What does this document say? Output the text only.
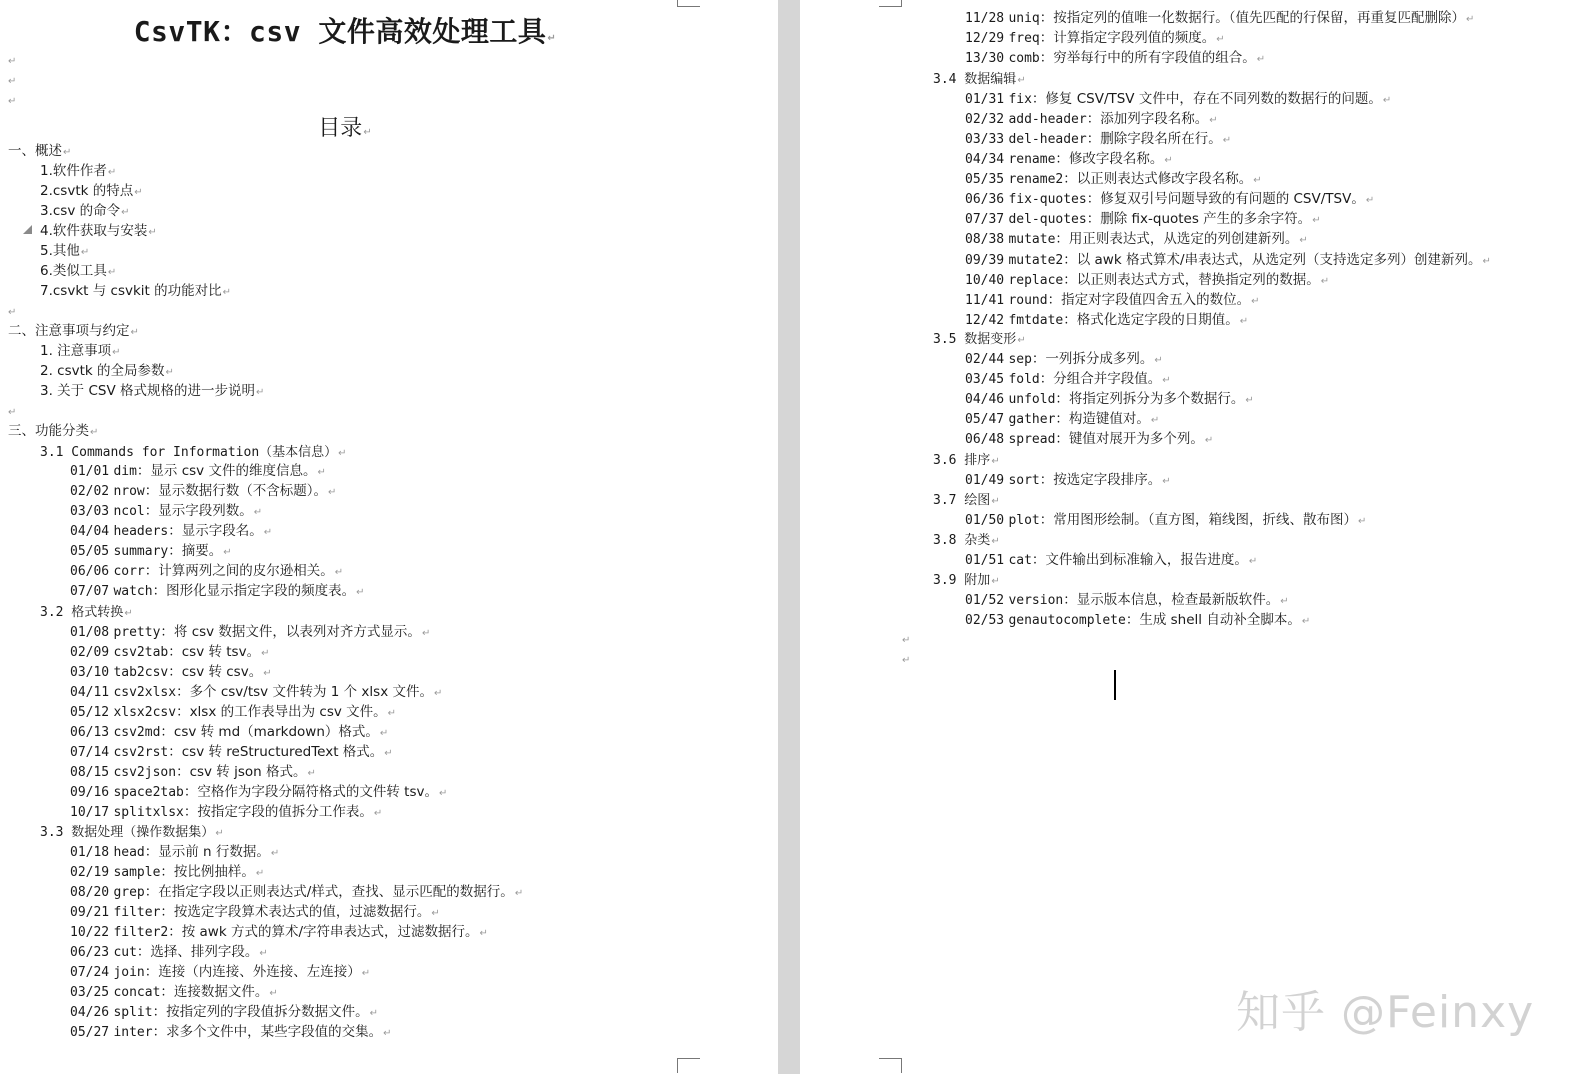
CsvTK：csv 文件高效处理工具↵
↵
↵
↵
目录↵
↵
↵
↵
↵
一、概述↵
1.软件作者↵
2.csvtk 的特点↵
3.csv 的命令↵
4.软件获取与安装↵
5.其他↵
6.类似工具↵
7.csvkt 与 csvkit 的功能对比↵
二、注意事项与约定↵
1. 注意事项↵
2. csvtk 的全局参数↵
3. 关于 CSV 格式规格的进一步说明↵
三、功能分类↵
3.1 Commands for Information（基本信息）↵
01/01 dim：显示 csv 文件的维度信息。↵
02/02 nrow：显示数据行数（不含标题）。↵
03/03 ncol：显示字段列数。↵
04/04 headers：显示字段名。↵
05/05 summary：摘要。↵
06/06 corr：计算两列之间的皮尔逊相关。↵
07/07 watch：图形化显示指定字段的频度表。↵
3.2 格式转换↵
01/08 pretty：将 csv 数据文件，以表列对齐方式显示。↵
02/09 csv2tab：csv 转 tsv。↵
03/10 tab2csv：csv 转 csv。↵
04/11 csv2xlsx：多个 csv/tsv 文件转为 1 个 xlsx 文件。↵
05/12 xlsx2csv：xlsx 的工作表导出为 csv 文件。↵
06/13 csv2md：csv 转 md（markdown）格式。↵
07/14 csv2rst：csv 转 reStructuredText 格式。↵
08/15 csv2json：csv 转 json 格式。↵
09/16 space2tab：空格作为字段分隔符格式的文件转 tsv。↵
10/17 splitxlsx：按指定字段的值拆分工作表。↵
3.3 数据处理（操作数据集）↵
01/18 head：显示前 n 行数据。↵
02/19 sample：按比例抽样。↵
08/20 grep：在指定字段以正则表达式/样式，查找、显示匹配的数据行。↵
09/21 filter：按选定字段算术表达式的值，过滤数据行。↵
10/22 filter2：按 awk 方式的算术/字符串表达式，过滤数据行。↵
06/23 cut：选择、排列字段。↵
07/24 join：连接（内连接、外连接、左连接）↵
03/25 concat：连接数据文件。↵
04/26 split：按指定列的字段值拆分数据文件。↵
05/27 inter：求多个文件中，某些字段值的交集。↵
11/28 uniq：按指定列的值唯一化数据行。（值先匹配的行保留，再重复匹配删除）↵
12/29 freq：计算指定字段列值的频度。↵
13/30 comb：穷举每行中的所有字段值的组合。↵
3.4 数据编辑↵
01/31 fix：修复 CSV/TSV 文件中，存在不同列数的数据行的问题。↵
02/32 add-header：添加列字段名称。↵
03/33 del-header：删除字段名所在行。↵
04/34 rename：修改字段名称。↵
05/35 rename2：以正则表达式修改字段名称。↵
06/36 fix-quotes：修复双引号问题导致的有问题的 CSV/TSV。↵
07/37 del-quotes：删除 fix-quotes 产生的多余字符。↵
08/38 mutate：用正则表达式，从选定的列创建新列。↵
09/39 mutate2：以 awk 格式算术/串表达式，从选定列（支持选定多列）创建新列。↵
10/40 replace：以正则表达式方式，替换指定列的数据。↵
11/41 round：指定对字段值四舍五入的数位。↵
12/42 fmtdate：格式化选定字段的日期值。↵
3.5 数据变形↵
02/44 sep：一列拆分成多列。↵
03/45 fold：分组合并字段值。↵
04/46 unfold：将指定列拆分为多个数据行。↵
05/47 gather：构造键值对。↵
06/48 spread：键值对展开为多个列。↵
3.6 排序↵
01/49 sort：按选定字段排序。↵
3.7 绘图↵
01/50 plot：常用图形绘制。（直方图，箱线图，折线、散布图）↵
3.8 杂类↵
01/51 cat：文件输出到标准输入，报告进度。↵
3.9 附加↵
01/52 version：显示版本信息，检查最新版软件。↵
02/53 genautocomplete：生成 shell 自动补全脚本。↵
知乎 @Feinxy
